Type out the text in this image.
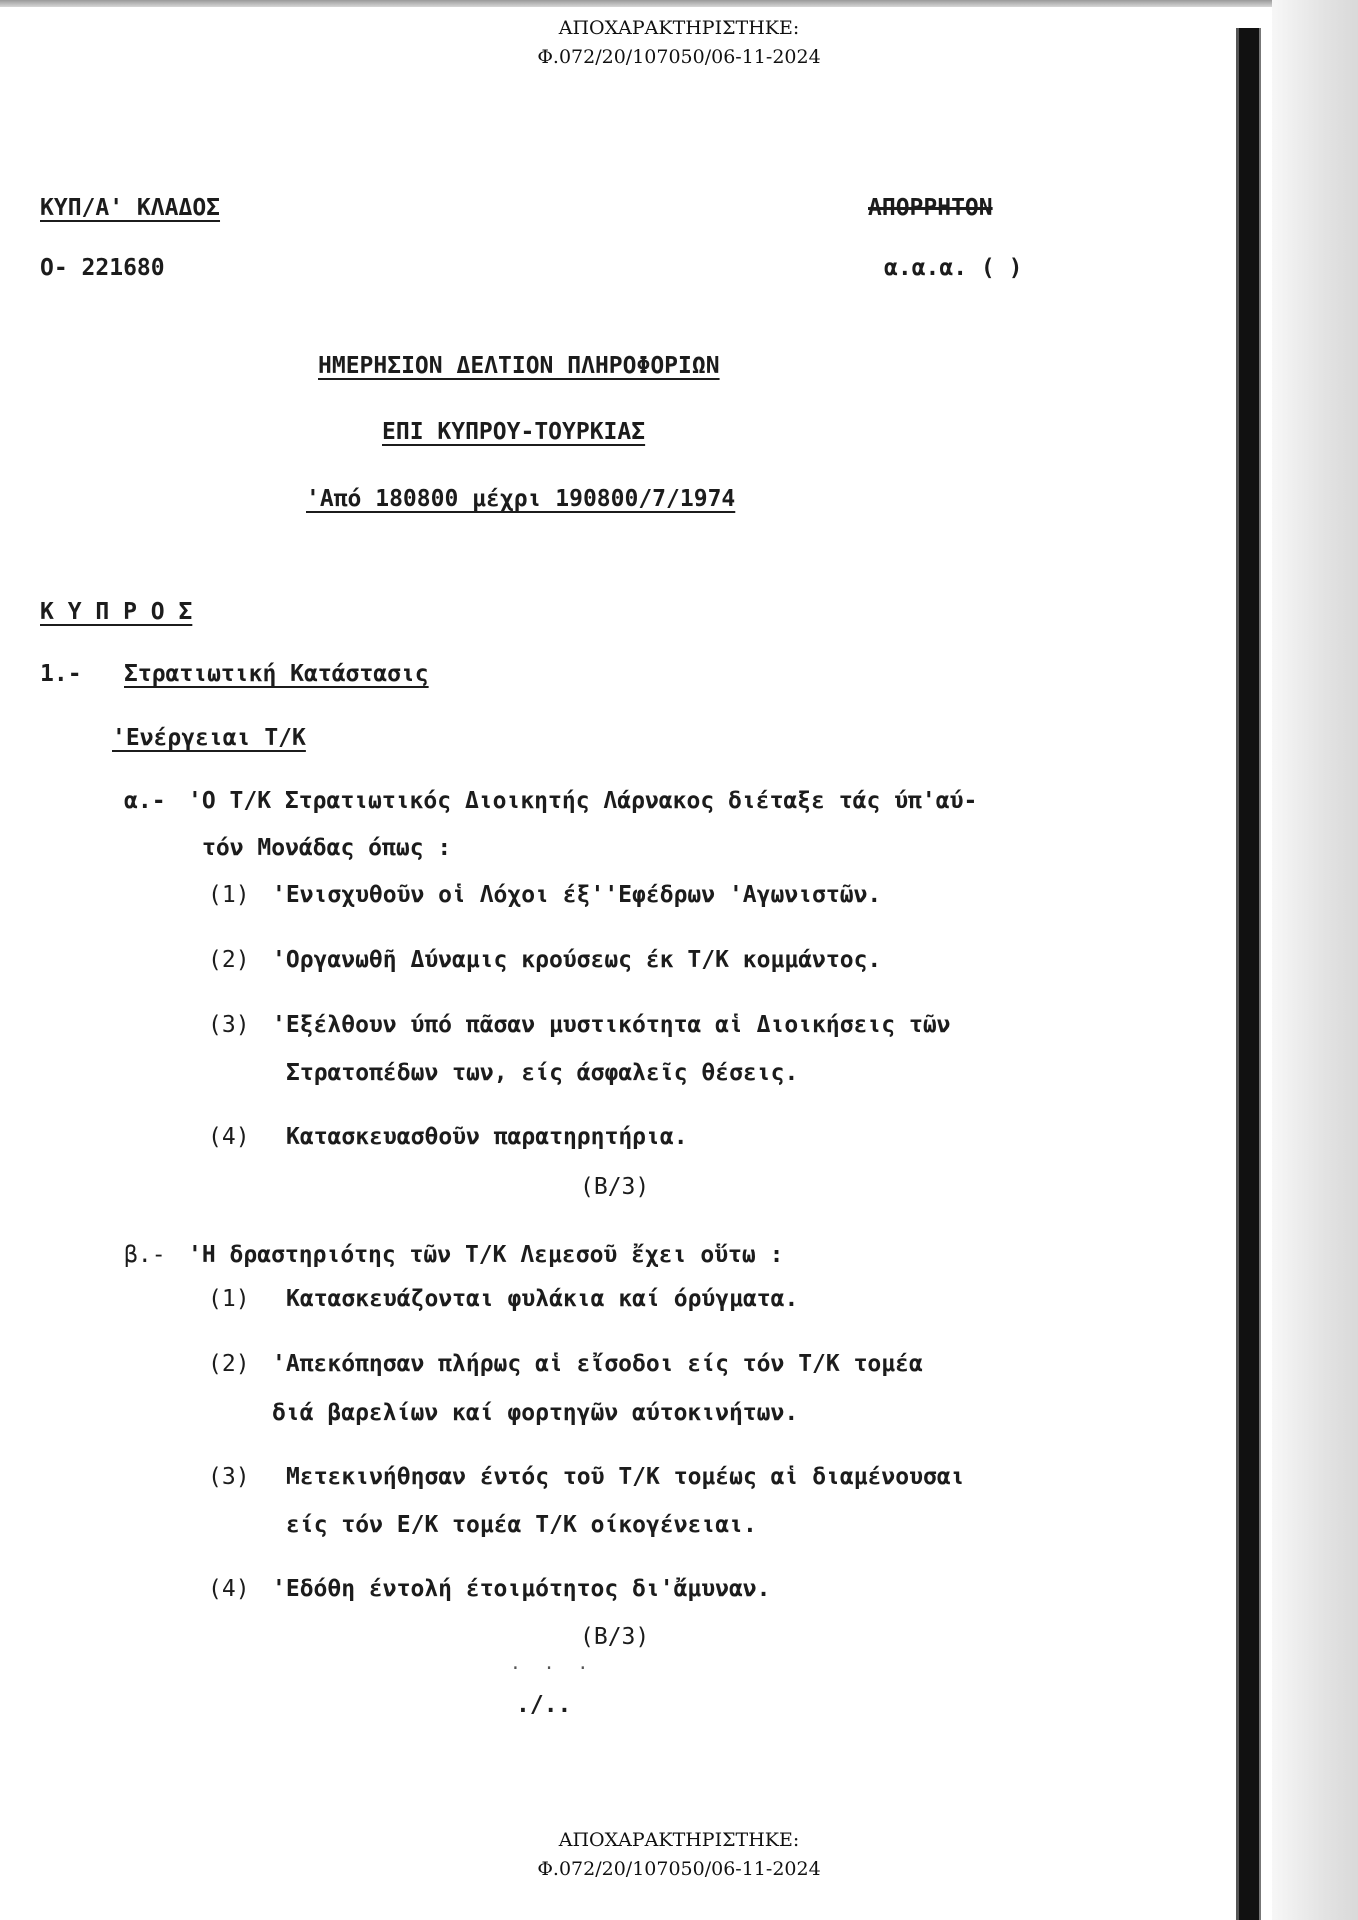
ΑΠΟΧΑΡΑΚΤΗΡΙΣΤΗΚΕ:
Φ.072/20/107050/06-11-2024
ΚΥΠ/Α' ΚΛΑΔΟΣ
Ο- 221680
ΑΠΟΡΡΗΤΟΝ
α.α.α. ( )
ΗΜΕΡΗΣΙΟΝ ΔΕΛΤΙΟΝ ΠΛΗΡΟΦΟΡΙΩΝ
ΕΠΙ ΚΥΠΡΟΥ-ΤΟΥΡΚΙΑΣ
'Από 180800 μέχρι 190800/7/1974
Κ Υ Π Ρ Ο Σ
1.- Στρατιωτική Κατάστασις
'Ενέργειαι Τ/Κ
α.- 'Ο Τ/Κ Στρατιωτικός Διοικητής Λάρνακος διέταξε τάς ύπ'αύ-
τόν Μονάδας όπως :
(1) 'Ενισχυθοῦν οἱ Λόχοι έξ''Εφέδρων 'Αγωνιστῶν.
(2) 'Οργανωθῆ Δύναμις κρούσεως έκ Τ/Κ κομμάντος.
(3) 'Εξέλθουν ύπό πᾶσαν μυστικότητα αἱ Διοικήσεις τῶν
Στρατοπέδων των, είς άσφαλεῖς θέσεις.
(4) Κατασκευασθοῦν παρατηρητήρια.
(Β/3)
β.- 'Η δραστηριότης τῶν Τ/Κ Λεμεσοῦ ἔχει οὕτω :
(1) Κατασκευάζονται φυλάκια καί όρύγματα.
(2) 'Απεκόπησαν πλήρως αἱ εἴσοδοι είς τόν Τ/Κ τομέα
διά βαρελίων καί φορτηγῶν αύτοκινήτων.
(3) Μετεκινήθησαν έντός τοῦ Τ/Κ τομέως αἱ διαμένουσαι
είς τόν Ε/Κ τομέα Τ/Κ οίκογένειαι.
(4) 'Εδόθη έντολή έτοιμότητος δι'ἄμυναν.
(Β/3)
· · ·
./..
ΑΠΟΧΑΡΑΚΤΗΡΙΣΤΗΚΕ:
Φ.072/20/107050/06-11-2024
